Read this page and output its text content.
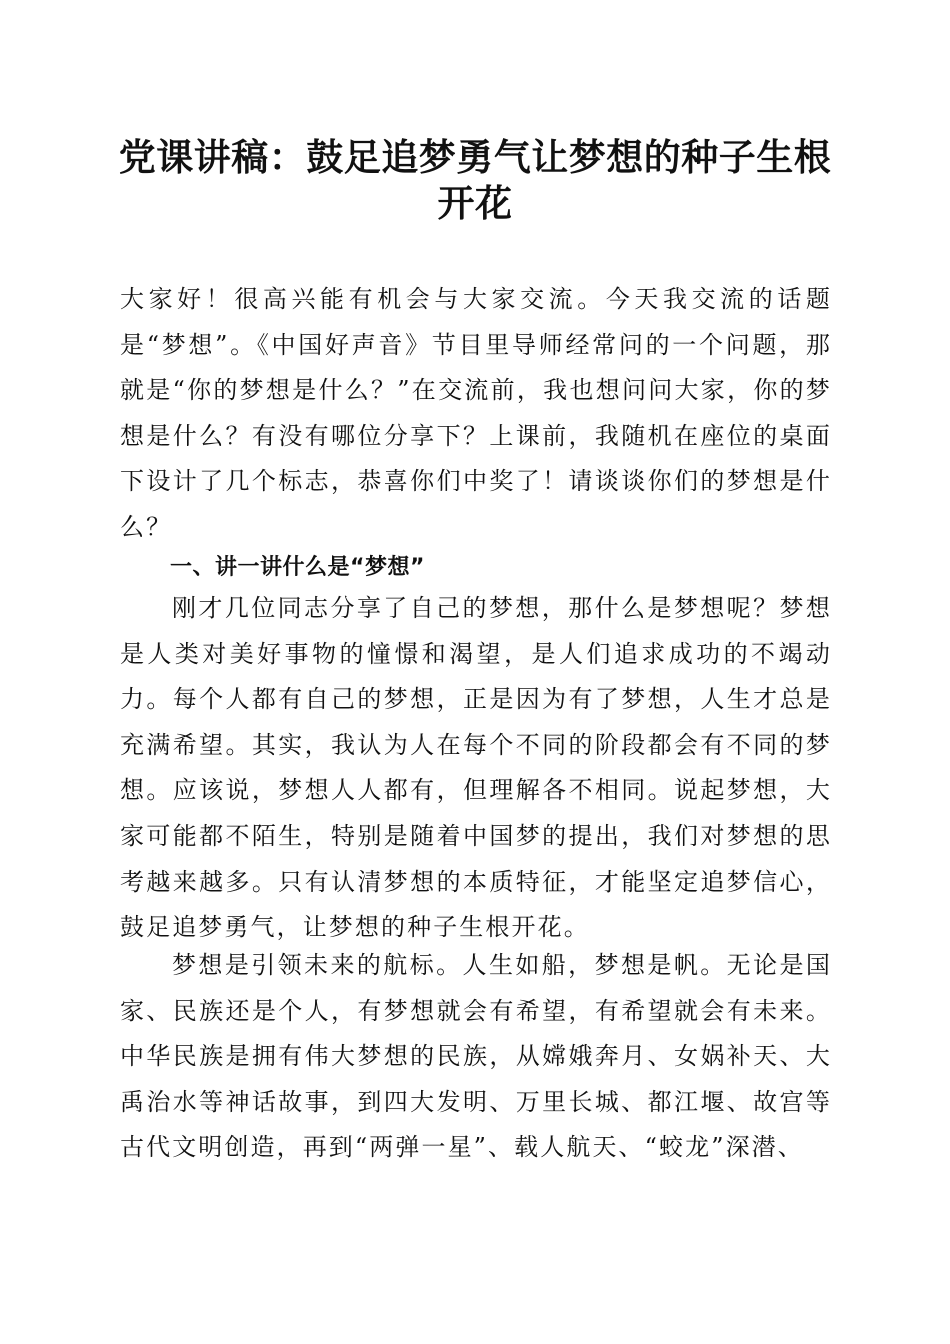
党课讲稿：鼓足追梦勇气让梦想的种子生根开花

大家好！很高兴能有机会与大家交流。今天我交流的话题是“梦想”。《中国好声音》节目里导师经常问的一个问题，那就是“你的梦想是什么？”在交流前，我也想问问大家，你的梦想是什么？有没有哪位分享下？上课前，我随机在座位的桌面下设计了几个标志，恭喜你们中奖了！请谈谈你们的梦想是什么？

一、讲一讲什么是“梦想”

刚才几位同志分享了自己的梦想，那什么是梦想呢？梦想是人类对美好事物的憧憬和渴望，是人们追求成功的不竭动力。每个人都有自己的梦想，正是因为有了梦想，人生才总是充满希望。其实，我认为人在每个不同的阶段都会有不同的梦想。应该说，梦想人人都有，但理解各不相同。说起梦想，大家可能都不陌生，特别是随着中国梦的提出，我们对梦想的思考越来越多。只有认清梦想的本质特征，才能坚定追梦信心，鼓足追梦勇气，让梦想的种子生根开花。

梦想是引领未来的航标。人生如船，梦想是帆。无论是国家、民族还是个人，有梦想就会有希望，有希望就会有未来。中华民族是拥有伟大梦想的民族，从嫦娥奔月、女娲补天、大禹治水等神话故事，到四大发明、万里长城、都江堰、故宫等古代文明创造，再到“两弹一星”、载人航天、“蛟龙”深潜、
